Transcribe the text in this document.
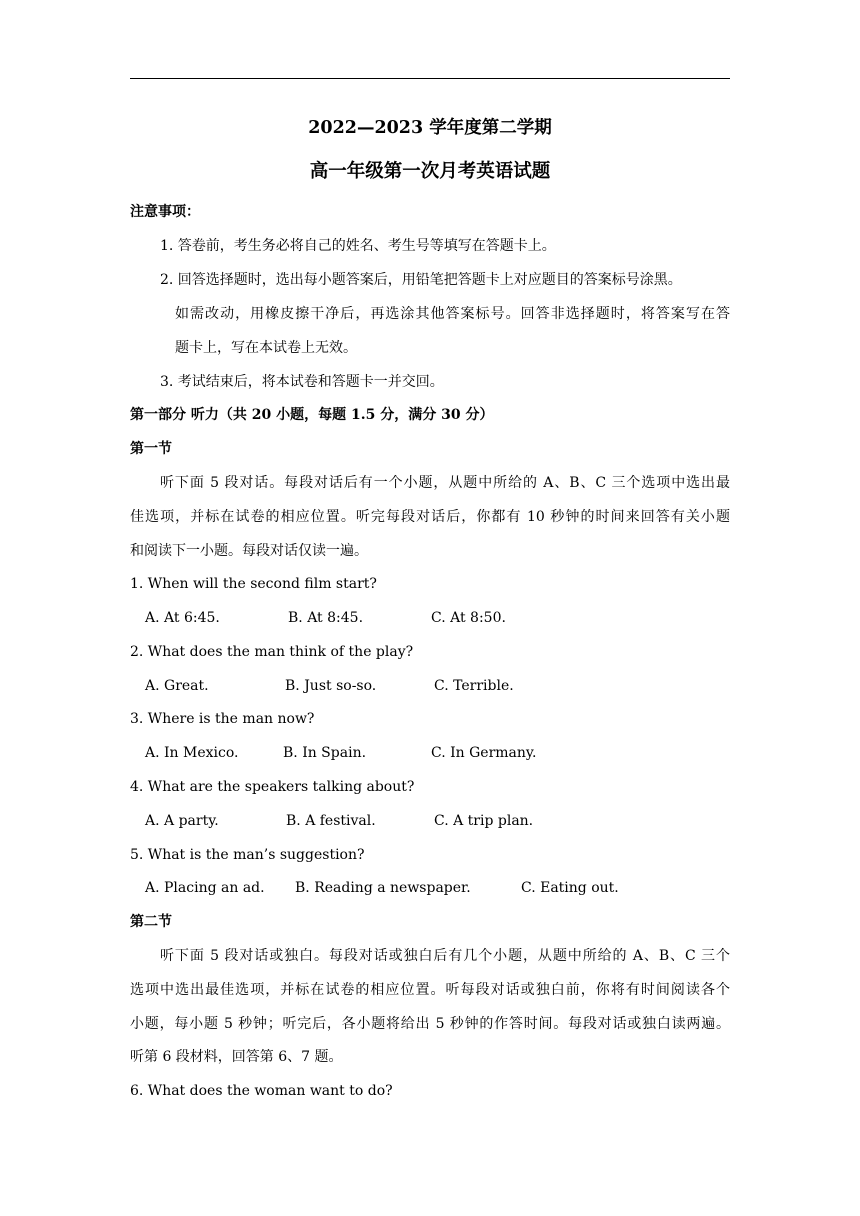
2022—2023 学年度第二学期
高一年级第一次月考英语试题
注意事项：
1. 答卷前，考生务必将自己的姓名、考生号等填写在答题卡上。
2. 回答选择题时，选出每小题答案后，用铅笔把答题卡上对应题目的答案标号涂黑。
如需改动，用橡皮擦干净后，再选涂其他答案标号。回答非选择题时，将答案写在答
题卡上，写在本试卷上无效。
3. 考试结束后，将本试卷和答题卡一并交回。
第一部分 听力（共 20 小题，每题 1.5 分，满分 30 分）
第一节
听下面 5 段对话。每段对话后有一个小题，从题中所给的 A、B、C 三个选项中选出最
佳选项，并标在试卷的相应位置。听完每段对话后，你都有 10 秒钟的时间来回答有关小题
和阅读下一小题。每段对话仅读一遍。
1. When will the second film start?
A. At 6:45.	B. At 8:45.	C. At 8:50.
2. What does the man think of the play?
A. Great.	B. Just so-so.	C. Terrible.
3. Where is the man now?
A. In Mexico.	B. In Spain.	C. In Germany.
4. What are the speakers talking about?
A. A party.	B. A festival.	C. A trip plan.
5. What is the man’s suggestion?
A. Placing an ad. B. Reading a newspaper.	C. Eating out.
第二节
听下面 5 段对话或独白。每段对话或独白后有几个小题，从题中所给的 A、B、C 三个
选项中选出最佳选项，并标在试卷的相应位置。听每段对话或独白前，你将有时间阅读各个
小题，每小题 5 秒钟；听完后，各小题将给出 5 秒钟的作答时间。每段对话或独白读两遍。
听第 6 段材料，回答第 6、7 题。
6. What does the woman want to do?
